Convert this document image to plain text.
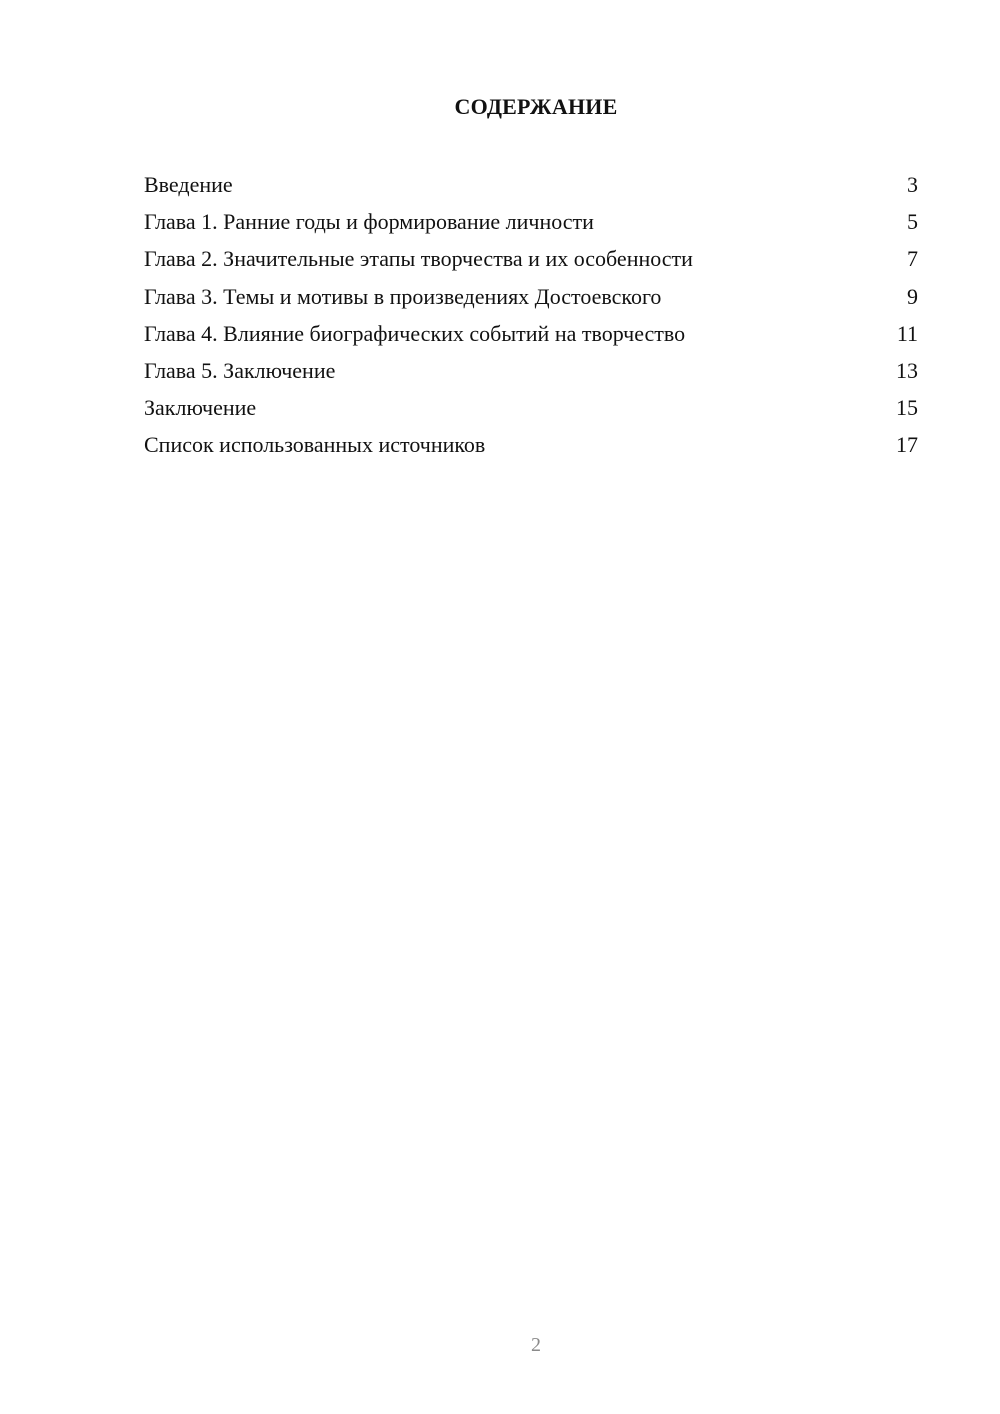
СОДЕРЖАНИЕ
Введение	3
Глава 1. Ранние годы и формирование личности	5
Глава 2. Значительные этапы творчества и их особенности	7
Глава 3. Темы и мотивы в произведениях Достоевского	9
Глава 4. Влияние биографических событий на творчество	11
Глава 5. Заключение	13
Заключение	15
Список использованных источников	17
2
